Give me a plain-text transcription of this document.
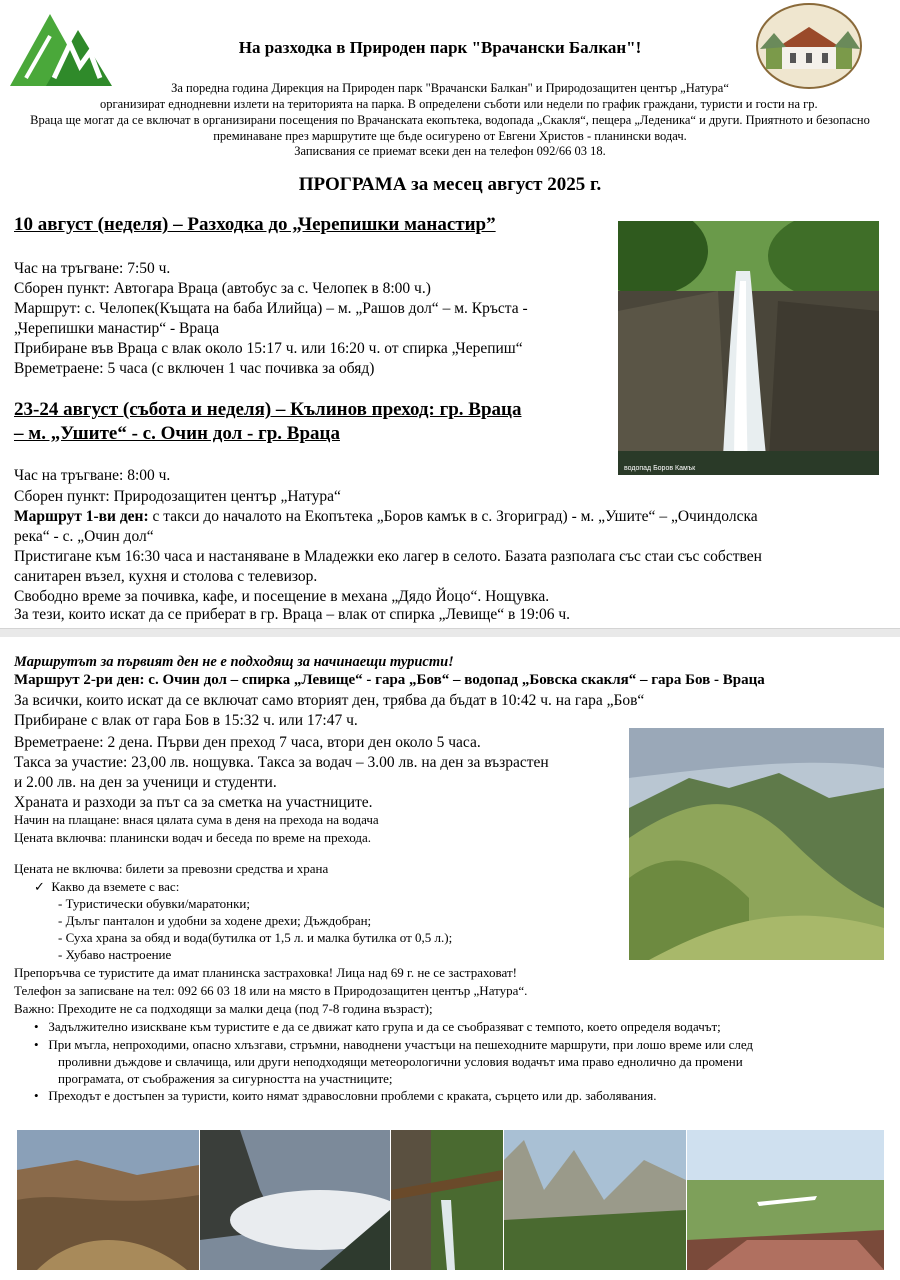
На разходка в Природен парк "Врачански Балкан"!
За поредна година Дирекция на Природен парк "Врачански Балкан" и Природозащитен център „Натура“
организират еднодневни излети на територията на парка. В определени съботи или недели по график граждани, туристи и гости на гр.
Враца ще могат да се включат в организирани посещения по Врачанската екопътека, водопада „Скакля“, пещера „Леденика“ и други. Приятното и безопасно
преминаване през маршрутите ще бъде осигурено от Евгени Христов - планински водач.
Записвания се приемат всеки ден на телефон 092/66 03 18.
ПРОГРАМА за месец август 2025 г.
10 август (неделя) – Разходка до „Черепишки манастир”
Час на тръгване: 7:50 ч.
Сборен пункт: Автогара Враца (автобус за с. Челопек в 8:00 ч.)
Маршрут: с. Челопек(Къщата на баба Илийца) – м. „Рашов дол“ – м. Кръста -
„Черепишки манастир“ - Враца
Прибиране във Враца с влак около 15:17 ч. или 16:20 ч. от спирка „Черепиш“
Времетраене: 5 часа (с включен 1 час почивка за обяд)
23-24 август (събота и неделя) – Кълинов преход: гр. Враца
– м. „Ушите“ - с. Очин дол - гр. Враца
Час на тръгване: 8:00 ч.
Сборен пункт: Природозащитен център „Натура“
Маршрут 1-ви ден: с такси до началото на Екопътека „Боров камък в с. Згориград) - м. „Ушите“ – „Очиндолска
река“ - с. „Очин дол“
Пристигане към 16:30 часа и настаняване в Младежки еко лагер в селото. Базата разполага със стаи със собствен
санитарен възел, кухня и столова с телевизор.
Свободно време за почивка, кафе, и посещение в механа „Дядо Йоцо“. Нощувка.
За тези, които искат да се приберат в гр. Враца – влак от спирка „Левище“ в 19:06 ч.
Маршрутът за първият ден не е подходящ за начинаещи туристи!
Маршрут 2-ри ден: с. Очин дол – спирка „Левище“ - гара „Бов“ – водопад „Бовска скакля“ – гара Бов - Враца
За всички, които искат да се включат само вторият ден, трябва да бъдат в 10:42 ч. на гара „Бов“
Прибиране с влак от гара Бов в 15:32 ч. или 17:47 ч.
Времетраене: 2 дена. Първи ден преход 7 часа, втори ден около 5 часа.
Такса за участие: 23,00 лв. нощувка. Такса за водач – 3.00 лв. на ден за възрастен
и 2.00 лв. на ден за ученици и студенти.
Храната и разходи за път са за сметка на участниците.
Начин на плащане: внася цялата сума в деня на прехода на водача
Цената включва: планински водач и беседа по време на прехода.
Цената не включва: билети за превозни средства и храна
✓ Какво да вземете с вас:
- Туристически обувки/маратонки;
- Дълъг панталон и удобни за ходене дрехи; Дъждобран;
- Суха храна за обяд и вода(бутилка от 1,5 л. и малка бутилка от 0,5 л.);
- Хубаво настроение
Препоръчва се туристите да имат планинска застраховка! Лица над 69 г. не се застраховат!
Телефон за записване на тел: 092 66 03 18 или на място в Природозащитен център „Натура“.
Важно: Преходите не са подходящи за малки деца (под 7-8 година възраст);
• Задължително изискване към туристите е да се движат като група и да се съобразяват с темпото, което определя водачът;
• При мъгла, непроходими, опасно хлъзгави, стръмни, наводнени участъци на пешеходните маршрути, при лошо време или след
проливни дъждове и свлачища, или други неподходящи метеорологични условия водачът има право еднолично да промени
програмата, от съображения за сигурността на участниците;
• Преходът е достъпен за туристи, които нямат здравословни проблеми с краката, сърцето или др. заболявания.
водопад Боров Камък
